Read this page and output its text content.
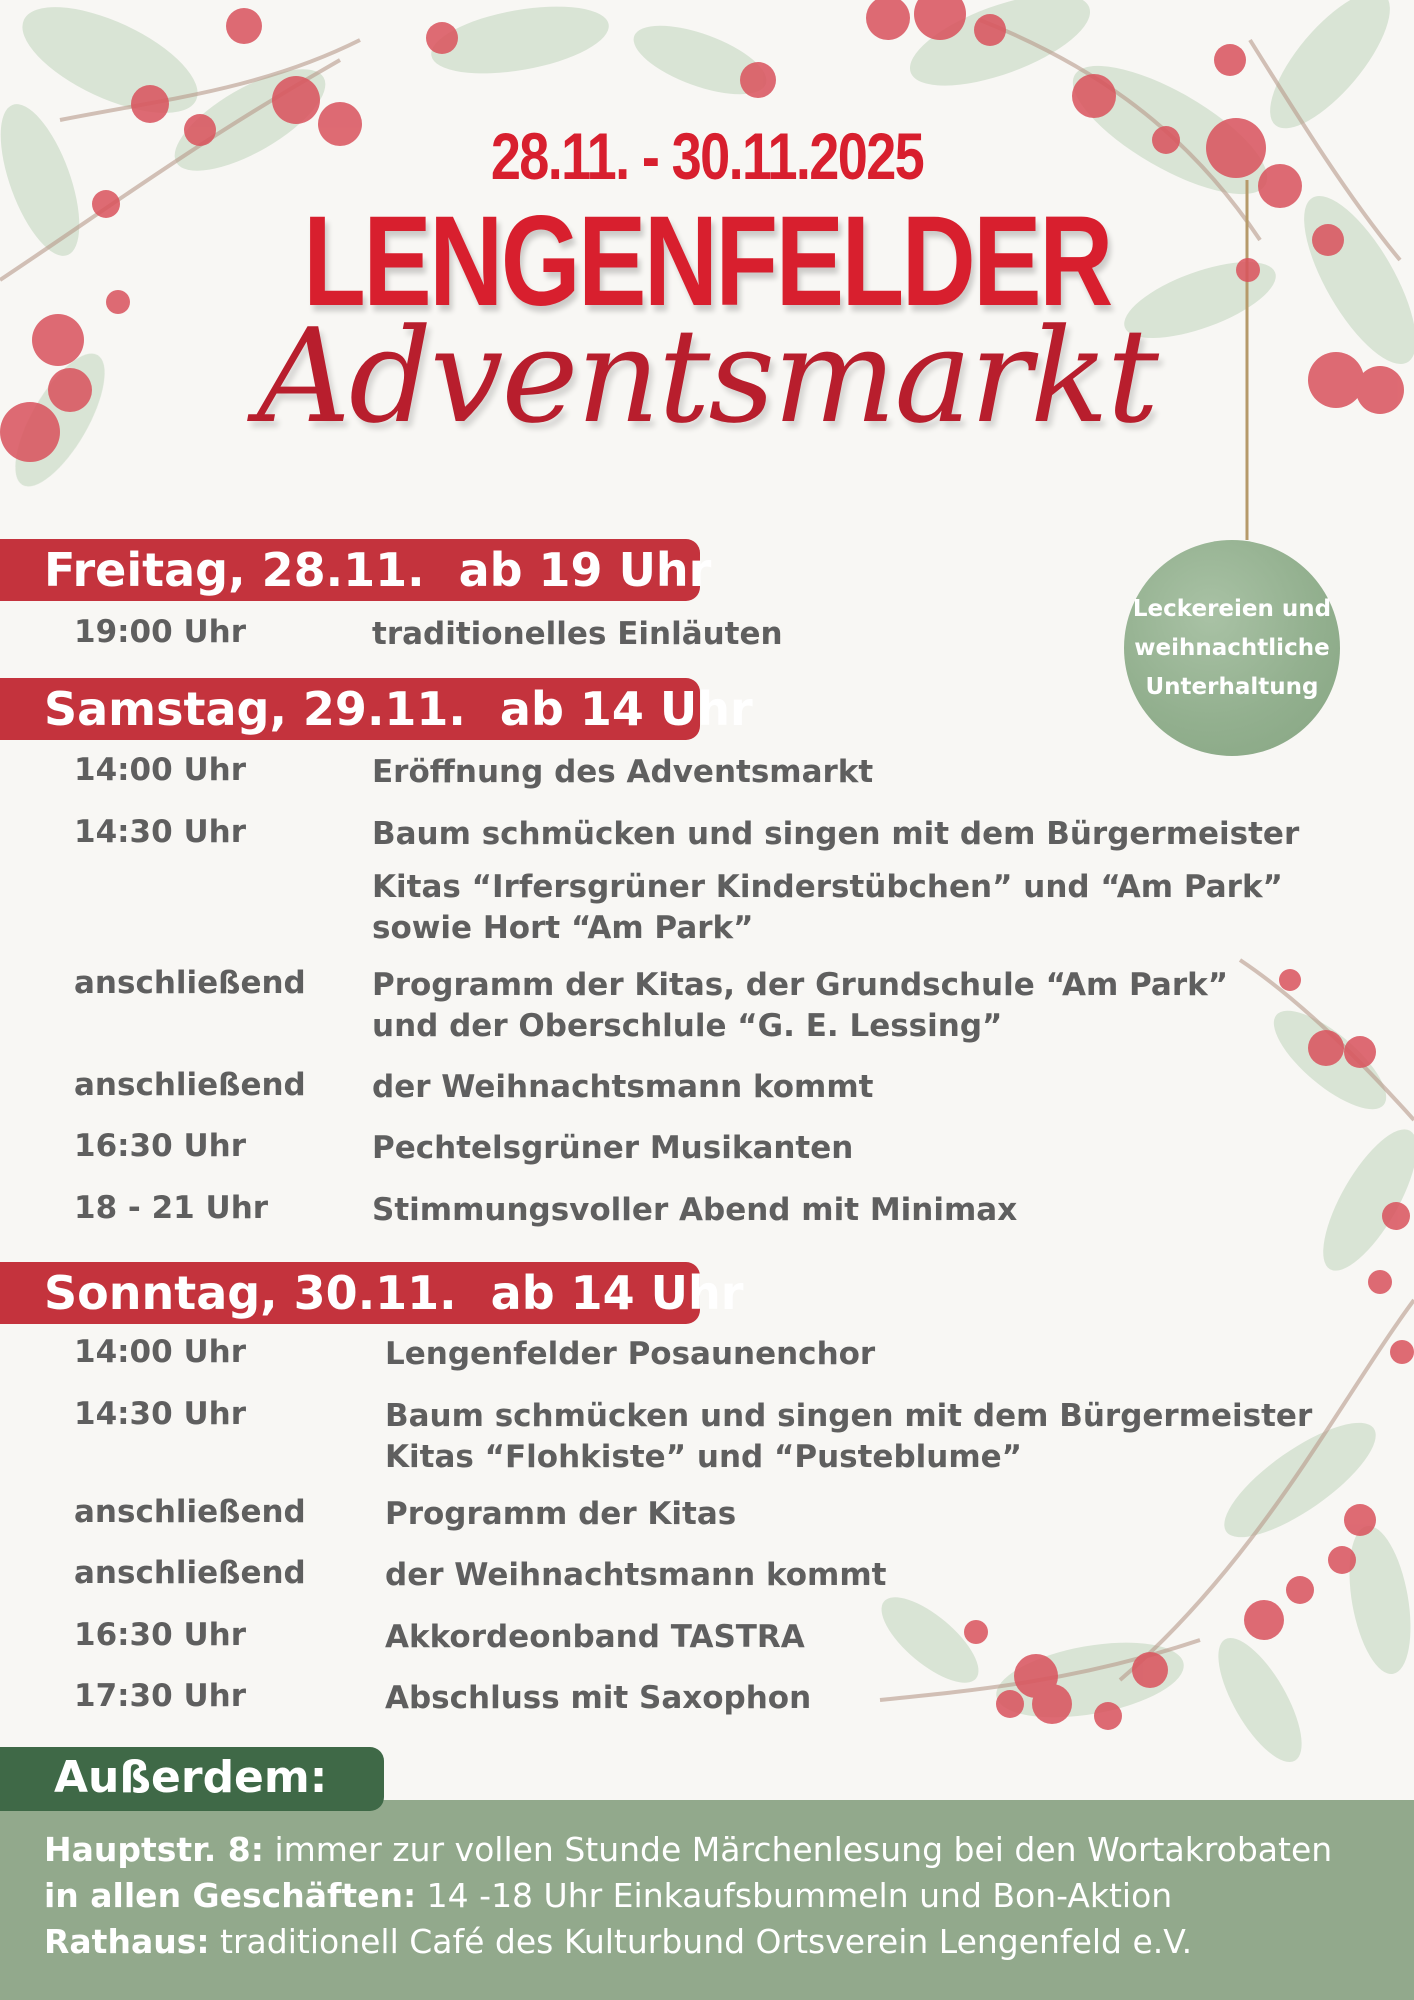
28.11. - 30.11.2025
LENGENFELDER
Adventsmarkt
Leckereien und
weihnachtliche
Unterhaltung
Freitag, 28.11. ab 19 Uhr
19:00 Uhr	traditionelles Einläuten
Samstag, 29.11. ab 14 Uhr
14:00 Uhr	Eröffnung des Adventsmarkt
14:30 Uhr	Baum schmücken und singen mit dem Bürgermeister
Kitas “Irfersgrüner Kinderstübchen” und “Am Park”
sowie Hort “Am Park”
anschließend Programm der Kitas, der Grundschule “Am Park”
und der Oberschlule “G. E. Lessing”
anschließend der Weihnachtsmann kommt
16:30 Uhr	Pechtelsgrüner Musikanten
18 - 21 Uhr	Stimmungsvoller Abend mit Minimax
Sonntag, 30.11. ab 14 Uhr
14:00 Uhr	Lengenfelder Posaunenchor
14:30 Uhr	Baum schmücken und singen mit dem Bürgermeister
Kitas “Flohkiste” und “Pusteblume”
anschließend	Programm der Kitas
anschließend	der Weihnachtsmann kommt
16:30 Uhr	Akkordeonband TASTRA
17:30 Uhr	Abschluss mit Saxophon
Hauptstr. 8: immer zur vollen Stunde Märchenlesung bei den Wortakrobaten
in allen Geschäften: 14 -18 Uhr Einkaufsbummeln und Bon-Aktion
Rathaus: traditionell Café des Kulturbund Ortsverein Lengenfeld e.V.
Außerdem:
